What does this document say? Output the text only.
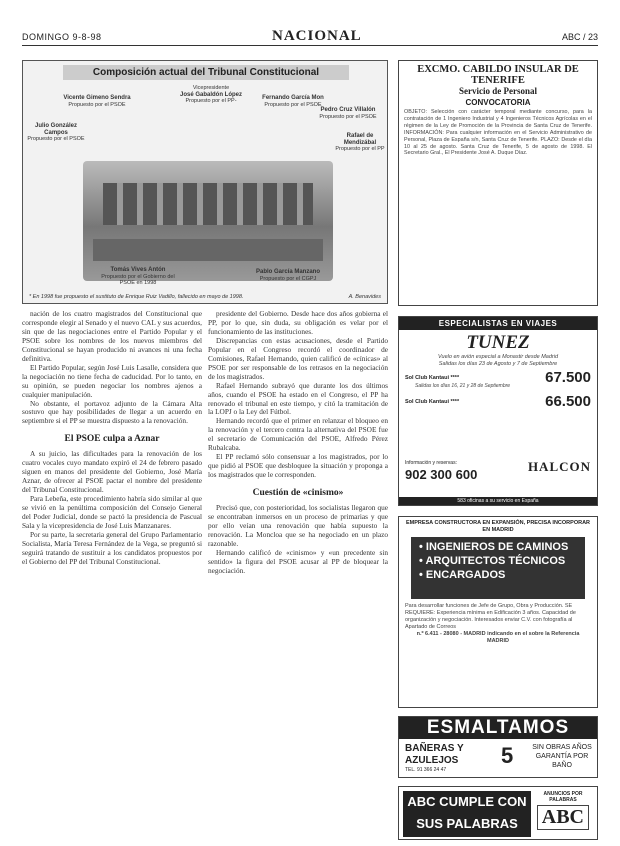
DOMINGO 9-8-98	NACIONAL	ABC / 23
Composición actual del Tribunal Constitucional
Vicepresidente
José Gabaldón López
Propuesto por el PP-
Vicente Gimeno Sendra
Propuesto por el PSOE
Fernando García Mon
Propuesto por el PSOE
Pedro Cruz Villalón
Propuesto por el PSOE
Julio González Campos
Propuesto por el PSOE	Rafael de Mendizábal
Propuesto por el PP
Tomás Vives Antón
Propuesto por el Gobierno del PSOE en 1998
Pablo García Manzano
Propuesto por el CGPJ
* En 1998 fue propuesto el sustituto de Enrique Ruiz Vadillo, fallecido en mayo de 1998.	A. Benavides

nación de los cuatro magistrados del Constitucional que corresponde elegir al Senado y el nuevo CAL y sus acuerdos, sin que de las negociaciones entre el Partido Popular y el PSOE sobre los nombres de los nuevos miembros del Constitucional se hayan producido ni avances ni una fecha definitiva.

El Partido Popular, según José Luis Lasalle, considera que la negociación no tiene fecha de caducidad. Por lo tanto, en su opinión, se pueden negociar los nombres ajenos a cualquier manipulación.

No obstante, el portavoz adjunto de la Cámara Alta sostuvo que hay posibilidades de llegar a un acuerdo en septiembre si el PP se muestra dispuesto a la renovación.

El PSOE culpa a Aznar

A su juicio, las dificultades para la renovación de los cuatro vocales cuyo mandato expiró el 24 de febrero pasado siguen en manos del presidente del Gobierno, José María Aznar, de ofrecer al PSOE pactar el nombre del presidente del Tribunal Constitucional.

Para Lebeña, este procedimiento habría sido similar al que se vivió en la penúltima composición del Consejo General del Poder Judicial, donde se pactó la presidencia de Pascual Sala y la vicepresidencia de José Luis Manzanares.

Por su parte, la secretaria general del Grupo Parlamentario Socialista, María Teresa Fernández de la Vega, se preguntó si seguirá tratando de sustituir a los candidatos propuestos por el Gobierno del PP del Tribunal Constitucional.

presidente del Gobierno. Desde hace dos años gobierna el PP, por lo que, sin duda, su obligación es velar por el funcionamiento de las instituciones.

Discrepancias con estas acusaciones, desde el Partido Popular en el Congreso recordó el coordinador de Comisiones, Rafael Hernando, quien calificó de «cínicas» al PSOE por ser responsable de los retrasos en la negociación de los magistrados.

Rafael Hernando subrayó que durante los dos últimos años, cuando el PSOE ha estado en el Congreso, el PP ha renovado el tribunal en este tiempo, y citó la tramitación de la LOPJ o la Ley del Fútbol.

Hernando recordó que el primer en relanzar el bloqueo en la renovación y el tercero contra la alternativa del PSOE fue el secretario de Comunicación del PSOE, Alfredo Pérez Rubalcaba.

El PP reclamó sólo consensuar a los magistrados, por lo que pidió al PSOE que desbloquee la situación y proponga a los magistrados que le corresponden.

Cuestión de «cinismo»

Precisó que, con posterioridad, los socialistas llegaron que se encontraban inmersos en un proceso de primarias y que por ello veían una renovación que había supuesto la renovación. La Moncloa que se ha negociado en un plazo razonable.

Hernando calificó de «cinismo» y «un precedente sin sentido» la figura del PSOE acusar al PP de bloquear la negociación.

EXCMO. CABILDO INSULAR DE TENERIFE
Servicio de Personal
CONVOCATORIA
OBJETO: Selección con carácter temporal mediante concurso, para la contratación de 1 Ingeniero Industrial y 4 Ingenieros Técnicos Agrícolas en el régimen de la Ley de Promoción de la Provincia de Santa Cruz de Tenerife. INFORMACIÓN: Para cualquier información en el Servicio Administrativo de Personal, Plaza de España s/n, Santa Cruz de Tenerife. PLAZO: Desde el día 10 al 25 de agosto. Santa Cruz de Tenerife, 5 de agosto de 1998. El Secretario Gral., El Presidente José A. Duque Díaz.
ESPECIALISTAS EN VIAJES
TUNEZ
Vuelo en avión especial a Monastir desde Madrid
Salidas los días 23 de Agosto y 7 de Septiembre
Sol Club Kantaui ****	67.500
Salidas los días 16, 21 y 28 de Septiembre
Sol Club Kantaui ****	66.500
Información y reservas:
902 300 600
HALCON
583 oficinas a su servicio en España
EMPRESA CONSTRUCTORA EN EXPANSIÓN, PRECISA INCORPORAR EN MADRID
• INGENIEROS DE CAMINOS
• ARQUITECTOS TÉCNICOS
• ENCARGADOS
Para desarrollar funciones de Jefe de Grupo, Obra y Producción. SE REQUIERE: Experiencia mínima en Edificación 3 años. Capacidad de organización y negociación. Interesados enviar C.V. con fotografía al Apartado de Correos
n.º 6.411 - 28080 - MADRID indicando en el sobre la Referencia MADRID
ESMALTAMOS
BAÑERAS Y
AZULEJOS
TEL. 91 366 24 47
5	SIN OBRAS AÑOS GARANTÍA POR BAÑO
ABC CUMPLE CON SUS PALABRAS
ANUNCIOS POR PALABRAS
ABC
